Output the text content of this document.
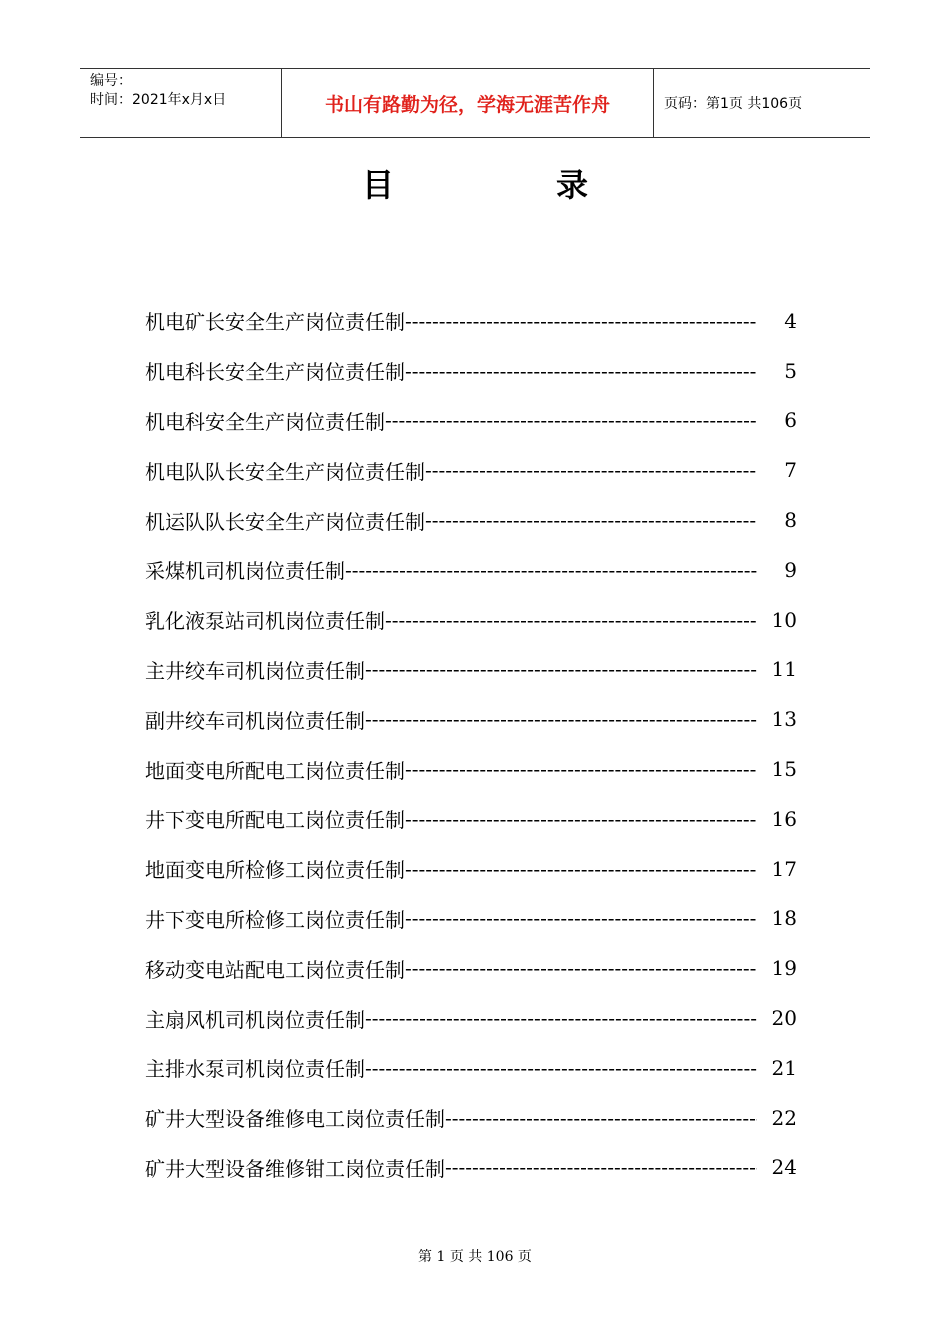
编号：
时间：2021年x月x日	书山有路勤为径，学海无涯苦作舟	页码：第1页 共106页
目	录
机电矿长安全生产岗位责任制 -----	4
机电科长安全生产岗位责任制 -----	5
机电科安全生产岗位责任制 -----	6
机电队队长安全生产岗位责任制 -----	7
机运队队长安全生产岗位责任制 -----	8
采煤机司机岗位责任制 -----	9
乳化液泵站司机岗位责任制 -----	10
主井绞车司机岗位责任制 -----	11
副井绞车司机岗位责任制 -----	13
地面变电所配电工岗位责任制 -----	15
井下变电所配电工岗位责任制 -----	16
地面变电所检修工岗位责任制 -----	17
井下变电所检修工岗位责任制 -----	18
移动变电站配电工岗位责任制 -----	19
主扇风机司机岗位责任制 -----	20
主排水泵司机岗位责任制 -----	21
矿井大型设备维修电工岗位责任制 -----	22
矿井大型设备维修钳工岗位责任制 -----	24
第 1 页 共 106 页
